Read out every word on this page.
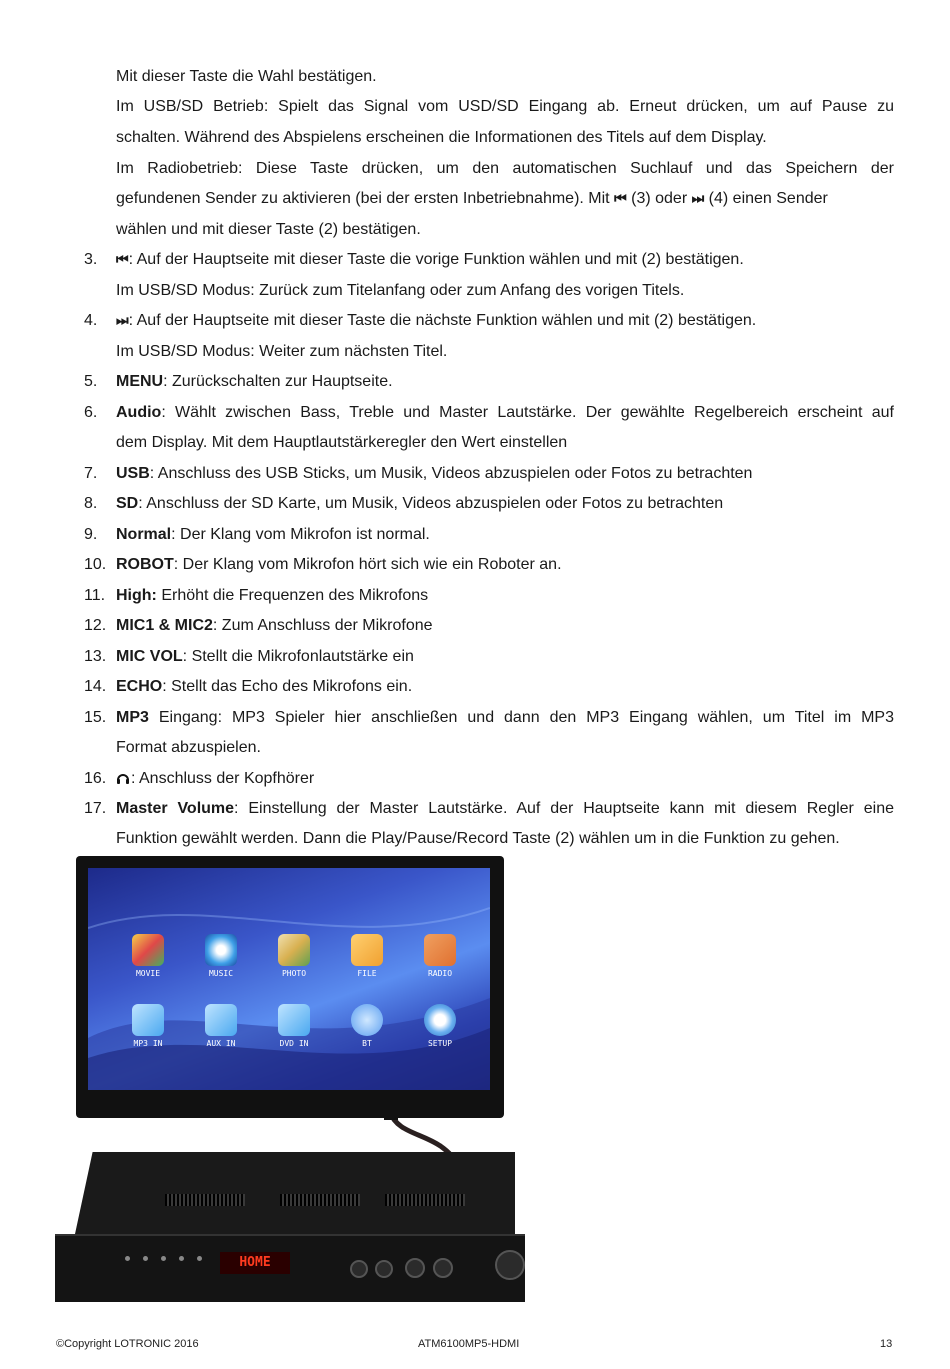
Mit dieser Taste die Wahl bestätigen.
Im USB/SD Betrieb: Spielt das Signal vom USD/SD Eingang ab. Erneut drücken, um auf Pause zu
schalten. Während des Abspielens erscheinen die Informationen des Titels auf dem Display.
Im Radiobetrieb: Diese Taste drücken, um den automatischen Suchlauf und das Speichern der
gefundenen Sender zu aktivieren (bei der ersten Inbetriebnahme). Mit ⏮ (3) oder ⏭ (4) einen Sender
wählen und mit dieser Taste (2) bestätigen.
3.	⏮: Auf der Hauptseite mit dieser Taste die vorige Funktion wählen und mit (2) bestätigen.
Im USB/SD Modus: Zurück zum Titelanfang oder zum Anfang des vorigen Titels.
4.	⏭: Auf der Hauptseite mit dieser Taste die nächste Funktion wählen und mit (2) bestätigen.
Im USB/SD Modus: Weiter zum nächsten Titel.
5.	MENU: Zurückschalten zur Hauptseite.
6.	Audio: Wählt zwischen Bass, Treble und Master Lautstärke. Der gewählte Regelbereich erscheint auf
dem Display. Mit dem Hauptlautstärkeregler den Wert einstellen
7.	USB: Anschluss des USB Sticks, um Musik, Videos abzuspielen oder Fotos zu betrachten
8.	SD: Anschluss der SD Karte, um Musik, Videos abzuspielen oder Fotos zu betrachten
9.	Normal: Der Klang vom Mikrofon ist normal.
10. ROBOT: Der Klang vom Mikrofon hört sich wie ein Roboter an.
11. High: Erhöht die Frequenzen des Mikrofons
12. MIC1 & MIC2: Zum Anschluss der Mikrofone
13. MIC VOL: Stellt die Mikrofonlautstärke ein
14. ECHO: Stellt das Echo des Mikrofons ein.
15. MP3 Eingang: MP3 Spieler hier anschließen und dann den MP3 Eingang wählen, um Titel im MP3
Format abzuspielen.
16.	: Anschluss der Kopfhörer
17. Master Volume: Einstellung der Master Lautstärke. Auf der Hauptseite kann mit diesem Regler eine
Funktion gewählt werden. Dann die Play/Pause/Record Taste (2) wählen um in die Funktion zu gehen.
MOVIE	MUSIC	PHOTO	FILE	RADIO
MP3 IN	AUX IN	DVD IN	BT	SETUP
HOME
©Copyright LOTRONIC 2016	ATM6100MP5-HDMI	13
